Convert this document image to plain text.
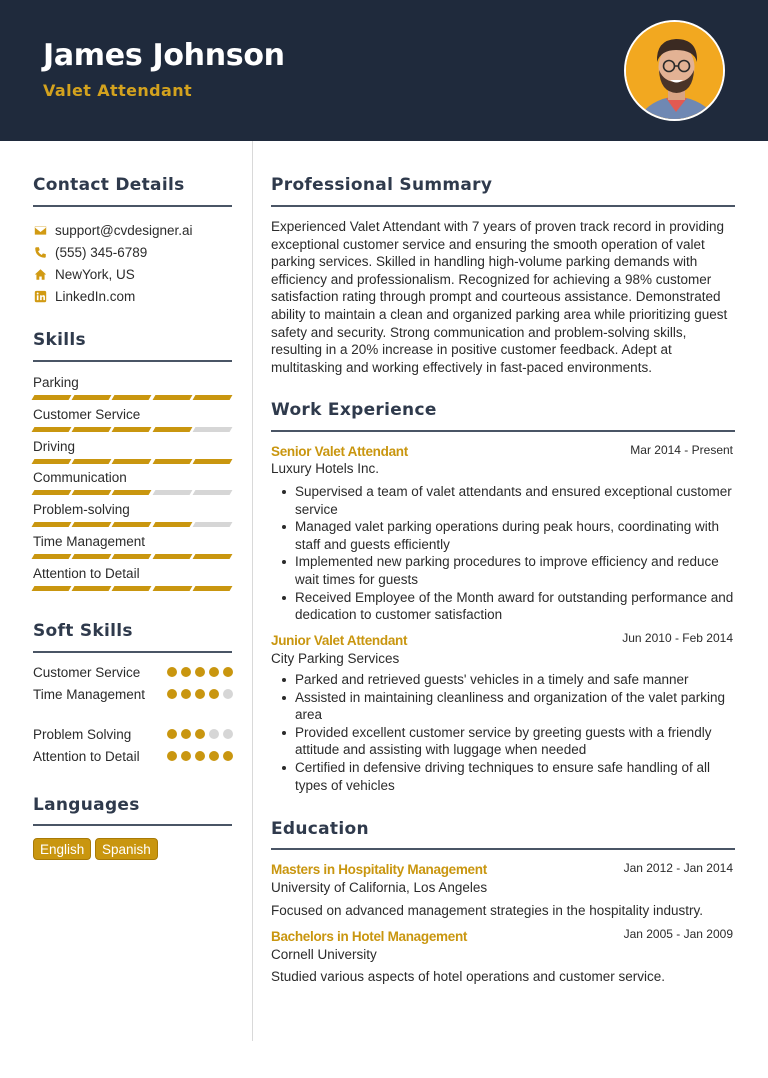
James Johnson
Valet Attendant
Contact Details
support@cvdesigner.ai
(555) 345-6789
NewYork, US
LinkedIn.com
Skills
Parking
Customer Service
Driving
Communication
Problem-solving
Time Management
Attention to Detail
Soft Skills
Customer Service
Time Management
Problem Solving
Attention to Detail
Languages
English	Spanish
Professional Summary
Experienced Valet Attendant with 7 years of proven track record in providing exceptional customer service and ensuring the smooth operation of valet parking services. Skilled in handling high-volume parking demands with efficiency and professionalism. Recognized for achieving a 98% customer satisfaction rating through prompt and courteous assistance. Demonstrated ability to maintain a clean and organized parking area while prioritizing guest safety and security. Strong communication and problem-solving skills, resulting in a 20% increase in positive customer feedback. Adept at multitasking and working effectively in fast-paced environments.
Work Experience
Senior Valet Attendant	Mar 2014 - Present
Luxury Hotels Inc.
Supervised a team of valet attendants and ensured exceptional customer service
Managed valet parking operations during peak hours, coordinating with staff and guests efficiently
Implemented new parking procedures to improve efficiency and reduce wait times for guests
Received Employee of the Month award for outstanding performance and dedication to customer satisfaction
Junior Valet Attendant	Jun 2010 - Feb 2014
City Parking Services
Parked and retrieved guests' vehicles in a timely and safe manner
Assisted in maintaining cleanliness and organization of the valet parking area
Provided excellent customer service by greeting guests with a friendly attitude and assisting with luggage when needed
Certified in defensive driving techniques to ensure safe handling of all types of vehicles
Education
Masters in Hospitality Management	Jan 2012 - Jan 2014
University of California, Los Angeles
Focused on advanced management strategies in the hospitality industry.
Bachelors in Hotel Management	Jan 2005 - Jan 2009
Cornell University
Studied various aspects of hotel operations and customer service.
